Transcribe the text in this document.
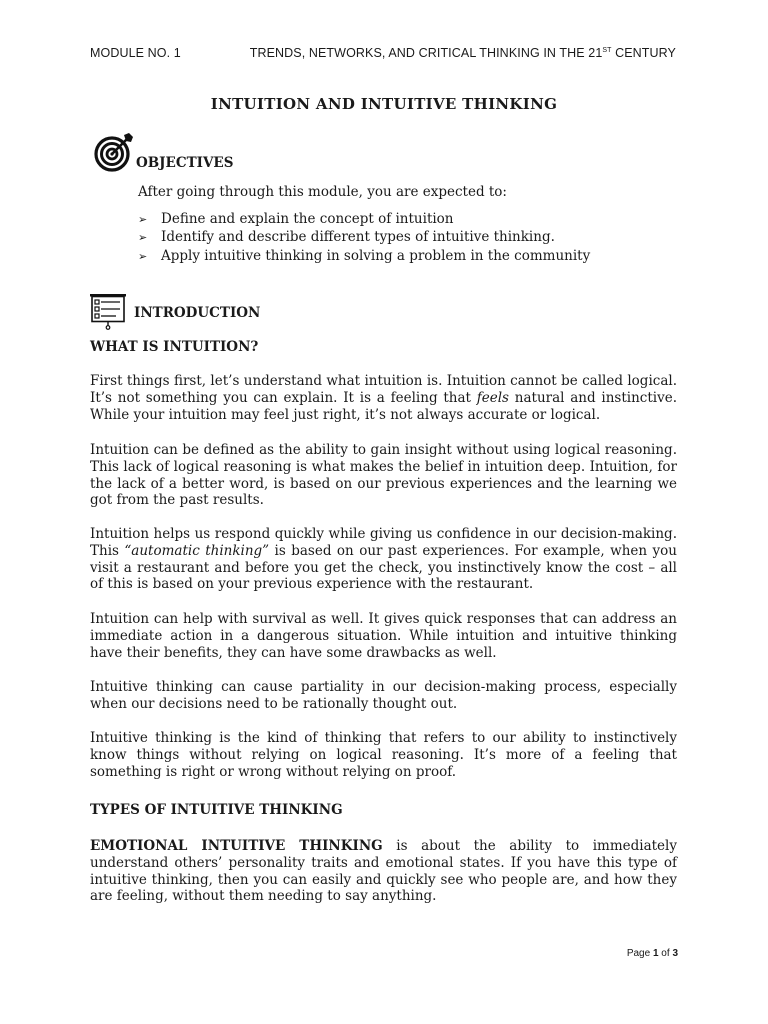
MODULE NO. 1	TRENDS, NETWORKS, AND CRITICAL THINKING IN THE 21ST CENTURY
INTUITION AND INTUITIVE THINKING
OBJECTIVES
After going through this module, you are expected to:
➢ Define and explain the concept of intuition
➢ Identify and describe different types of intuitive thinking.
➢ Apply intuitive thinking in solving a problem in the community
INTRODUCTION
WHAT IS INTUITION?

First things first, let’s understand what intuition is. Intuition cannot be called logical. It’s not something you can explain. It is a feeling that feels natural and instinctive. While your intuition may feel just right, it’s not always accurate or logical.

Intuition can be defined as the ability to gain insight without using logical reasoning. This lack of logical reasoning is what makes the belief in intuition deep. Intuition, for the lack of a better word, is based on our previous experiences and the learning we got from the past results.

Intuition helps us respond quickly while giving us confidence in our decision-making. This “automatic thinking” is based on our past experiences. For example, when you visit a restaurant and before you get the check, you instinctively know the cost – all of this is based on your previous experience with the restaurant.

Intuition can help with survival as well. It gives quick responses that can address an immediate action in a dangerous situation. While intuition and intuitive thinking have their benefits, they can have some drawbacks as well.

Intuitive thinking can cause partiality in our decision-making process, especially when our decisions need to be rationally thought out.

Intuitive thinking is the kind of thinking that refers to our ability to instinctively know things without relying on logical reasoning. It’s more of a feeling that something is right or wrong without relying on proof.

TYPES OF INTUITIVE THINKING

EMOTIONAL INTUITIVE THINKING is about the ability to immediately understand others’ personality traits and emotional states. If you have this type of intuitive thinking, then you can easily and quickly see who people are, and how they are feeling, without them needing to say anything.

Page 1 of 3
